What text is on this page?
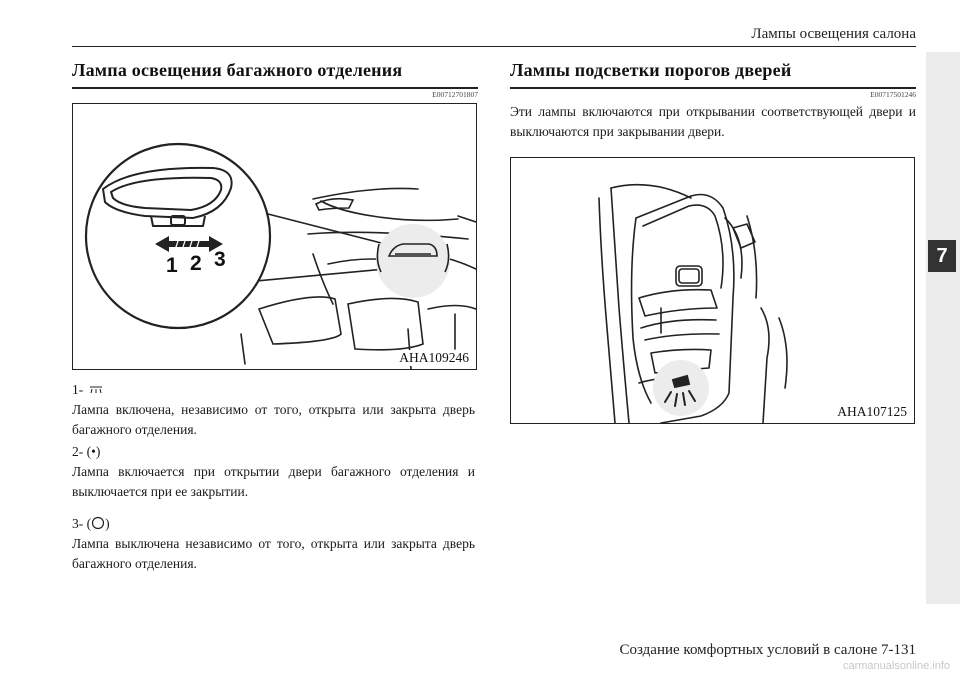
Лампы освещения салона
7
Лампа освещения багажного отделения
E00712701807
1 2 3
AHA109246
1-
Лампа включена, независимо от того, открыта или закрыта дверь багажного отделения.
2- (•)
Лампа включается при открытии двери багажного отделения и выключается при ее закрытии.
3- ( )
Лампа выключена независимо от того, открыта или закрыта дверь багажного отделения.
Лампы подсветки порогов дверей
E00717501246
Эти лампы включаются при открывании соответствующей двери и выключаются при закрывании двери.
AHA107125
Создание комфортных условий в салоне 7-131
carmanualsonline.info
